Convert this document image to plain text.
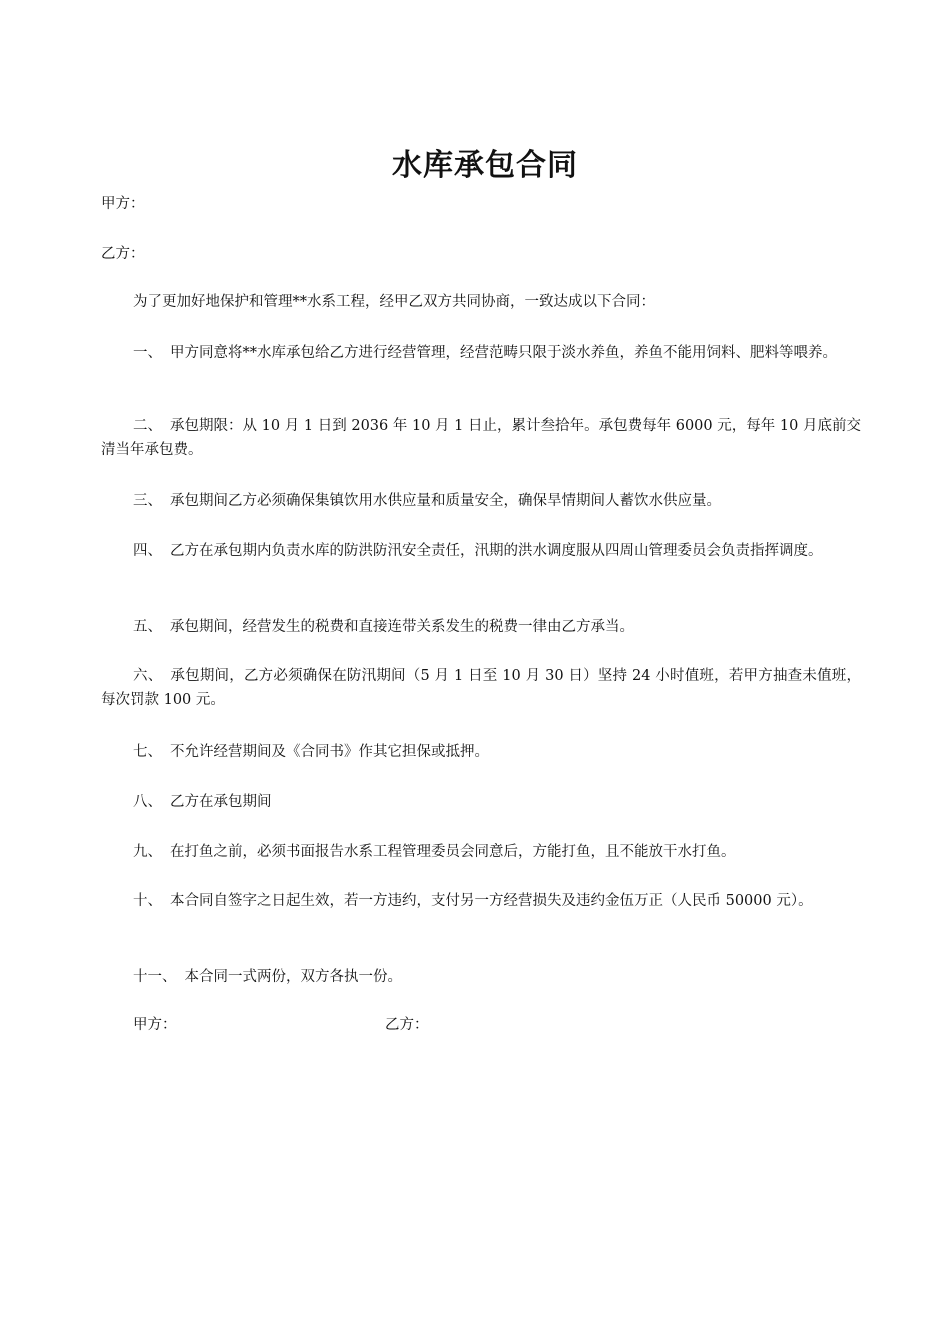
水库承包合同
甲方：
乙方：
为了更加好地保护和管理**水系工程，经甲乙双方共同协商，一致达成以下合同：
一、 甲方同意将**水库承包给乙方进行经营管理，经营范畴只限于淡水养鱼，养鱼不能用饲料、肥料等喂养。
二、 承包期限：从 10 月 1 日到 2036 年 10 月 1 日止，累计叁拾年。承包费每年 6000 元，每年 10 月底前交清当年承包费。
三、 承包期间乙方必须确保集镇饮用水供应量和质量安全，确保旱情期间人蓄饮水供应量。
四、 乙方在承包期内负责水库的防洪防汛安全责任，汛期的洪水调度服从四周山管理委员会负责指挥调度。
五、 承包期间，经营发生的税费和直接连带关系发生的税费一律由乙方承当。
六、 承包期间，乙方必须确保在防汛期间（5 月 1 日至 10 月 30 日）坚持 24 小时值班，若甲方抽查未值班，每次罚款 100 元。
七、 不允许经营期间及《合同书》作其它担保或抵押。
八、 乙方在承包期间
九、 在打鱼之前，必须书面报告水系工程管理委员会同意后，方能打鱼，且不能放干水打鱼。
十、 本合同自签字之日起生效，若一方违约，支付另一方经营损失及违约金伍万正（人民币 50000 元）。
十一、 本合同一式两份，双方各执一份。
甲方：	乙方：
